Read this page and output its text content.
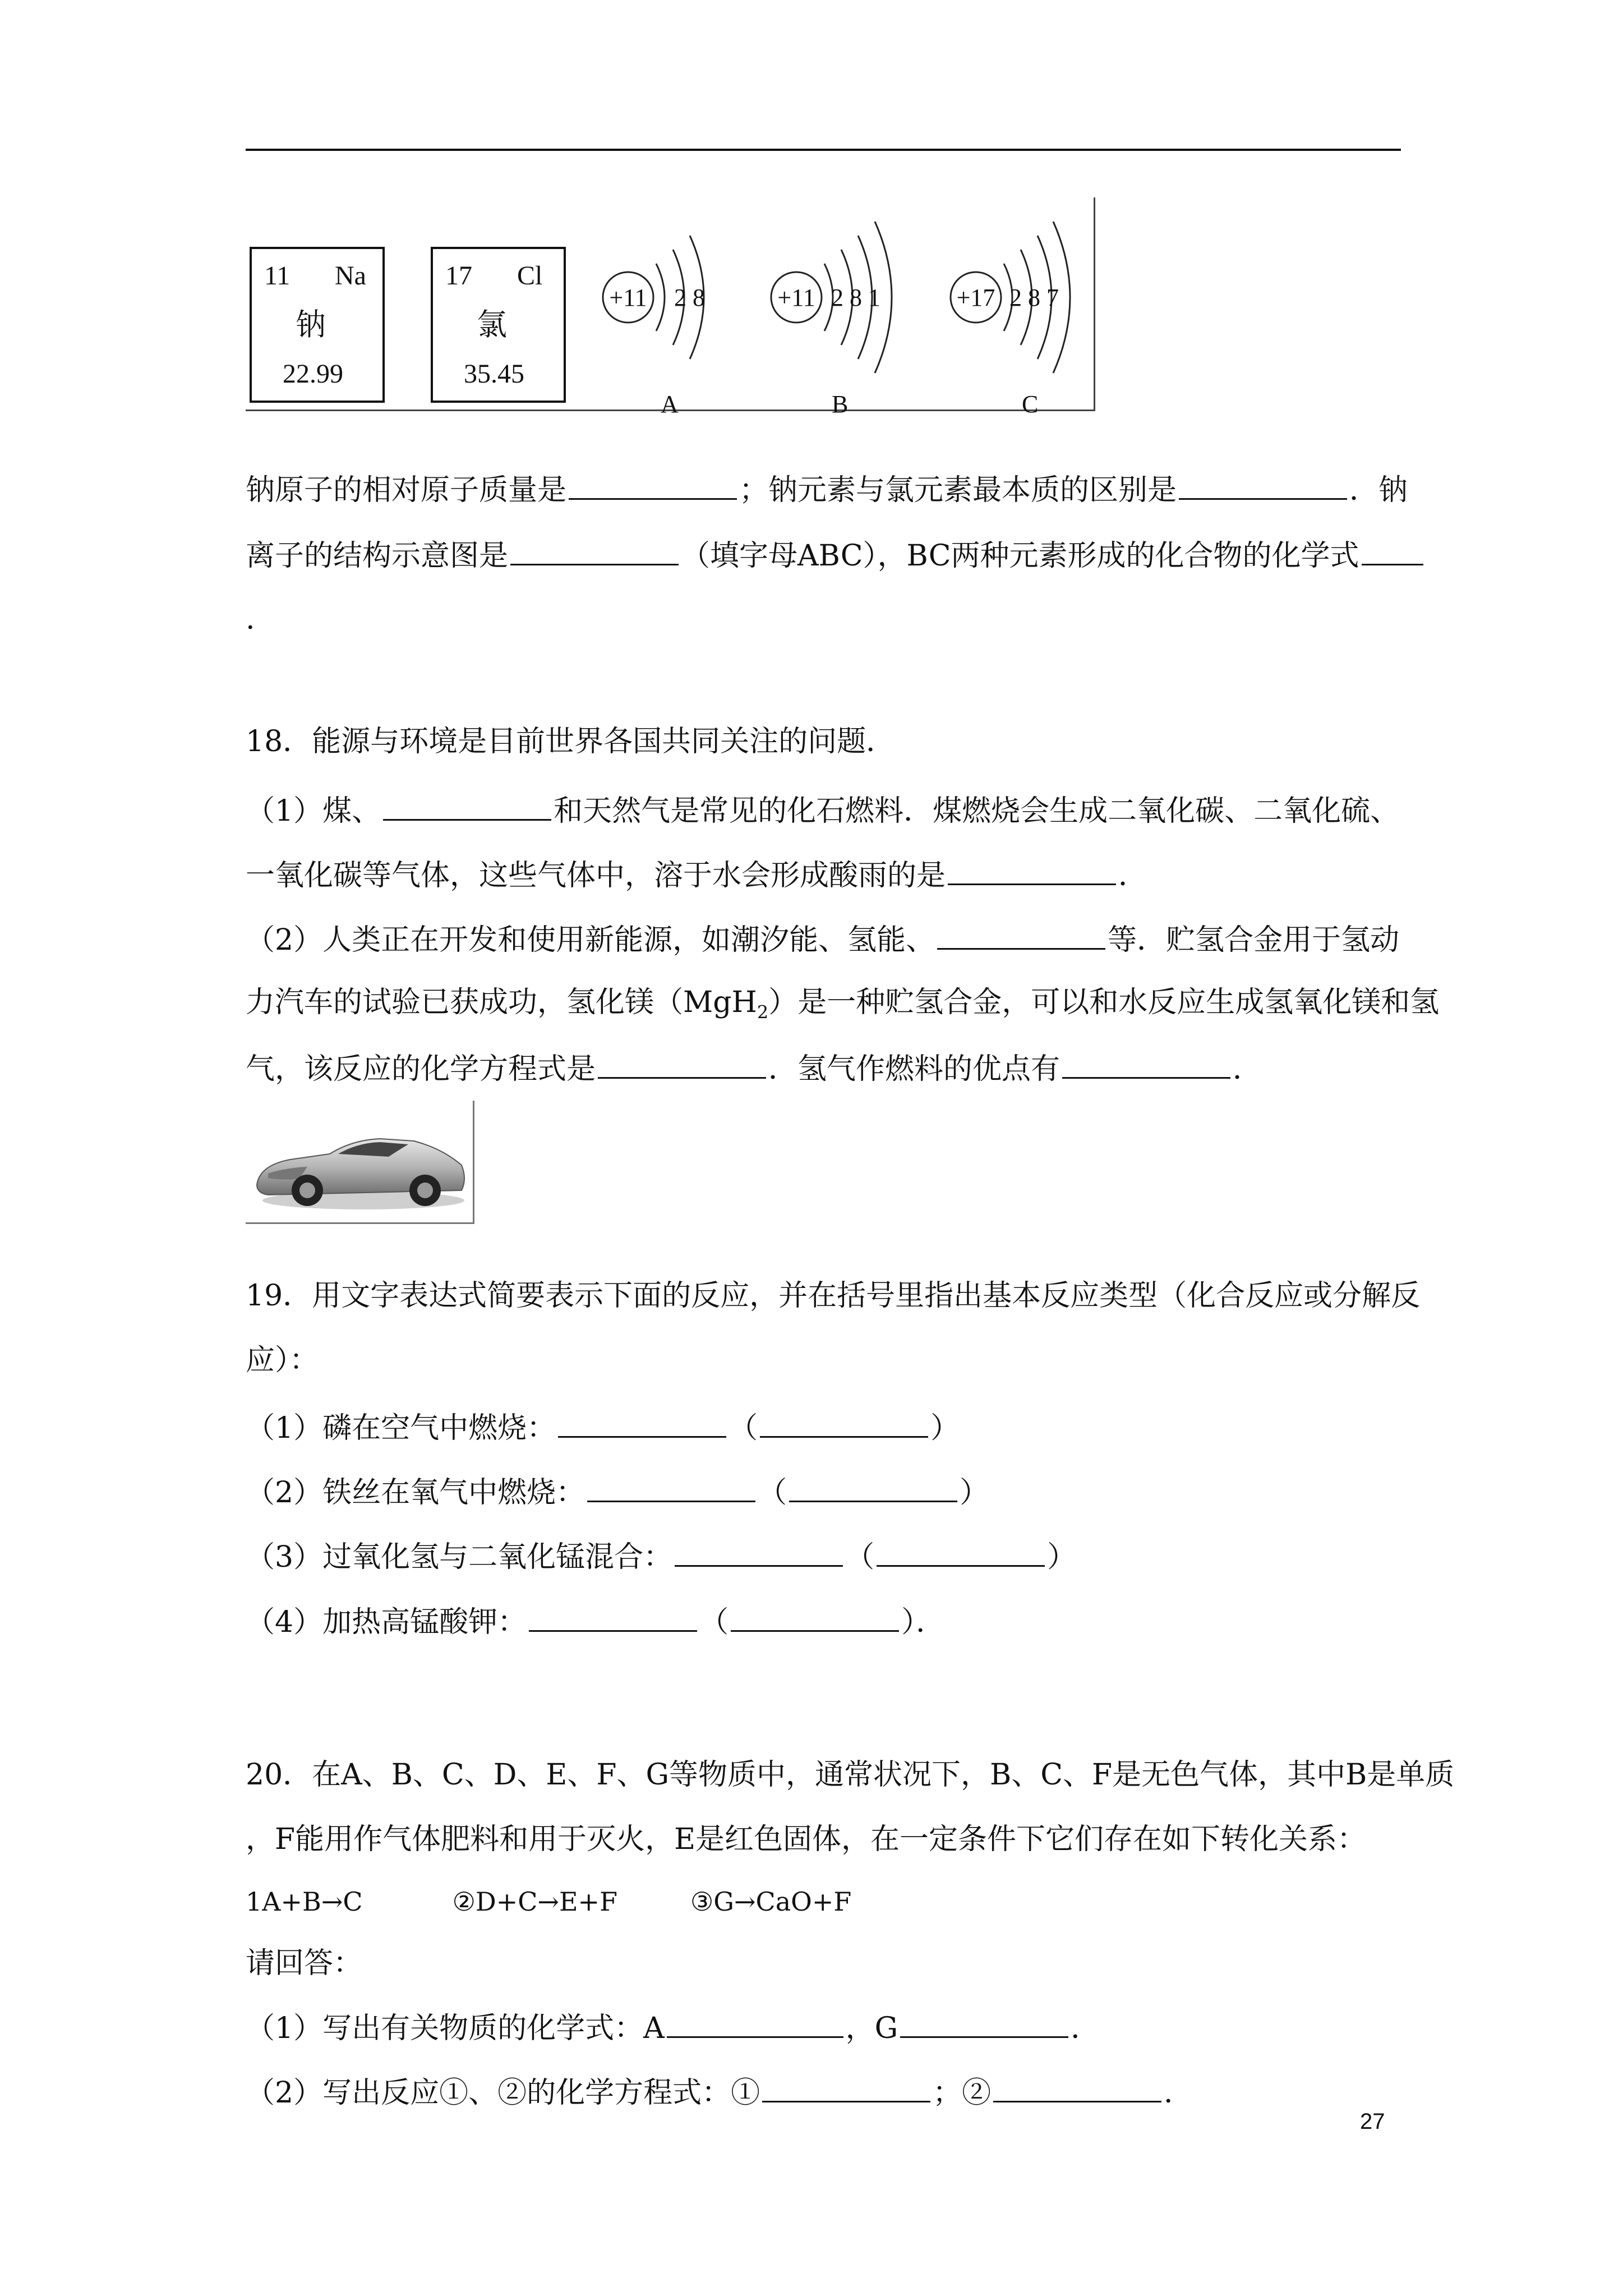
11 Na
钠
22.99
17 Cl
氯
35.45
+11 2 8
A
+11 2 8 1
B
+17 2 8 7
C
钠原子的相对原子质量是	；钠元素与氯元素最本质的区别是	．钠
离子的结构示意图是	（填字母ABC），BC两种元素形成的化合物的化学式
.
18．能源与环境是目前世界各国共同关注的问题．
（1）煤、	和天然气是常见的化石燃料．煤燃烧会生成二氧化碳、二氧化硫、
一氧化碳等气体，这些气体中，溶于水会形成酸雨的是	．
（2）人类正在开发和使用新能源，如潮汐能、氢能、	等．贮氢合金用于氢动
力汽车的试验已获成功，氢化镁（MgH$_2$）是一种贮氢合金，可以和水反应生成氢氧化镁和氢
气，该反应的化学方程式是	．氢气作燃料的优点有	．
19．用文字表达式简要表示下面的反应，并在括号里指出基本反应类型（化合反应或分解反
应）：
（1）磷在空气中燃烧：	（	）
（2）铁丝在氧气中燃烧：	（	）
（3）过氧化氢与二氧化锰混合：	（	）
（4）加热高锰酸钾：	（	）．
20．在A、B、C、D、E、F、G等物质中，通常状况下，B、C、F是无色气体，其中B是单质
，F能用作气体肥料和用于灭火，E是红色固体，在一定条件下它们存在如下转化关系：
1A+B→C	②D+C→E+F	③G→CaO+F
请回答：
（1）写出有关物质的化学式：A	，G	．
（2）写出反应①、②的化学方程式：①	；②	．
27
